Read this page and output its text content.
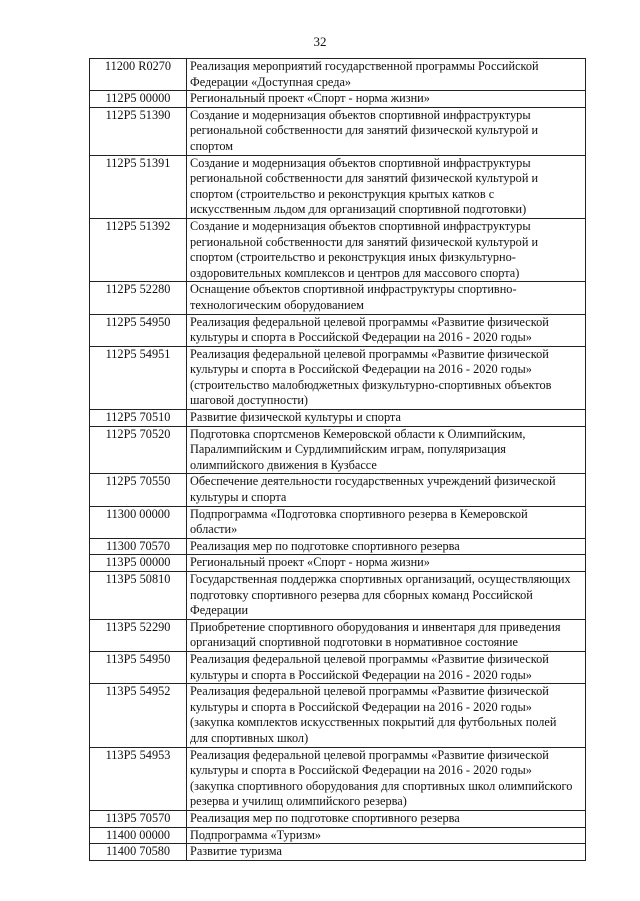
32
11200 R0270	Реализация мероприятий государственной программы Российской
Федерации «Доступная среда»

112P5 00000	Региональный проект «Спорт - норма жизни»

112P5 51390	Создание и модернизация объектов спортивной инфраструктуры
региональной собственности для занятий физической культурой и
спортом

112P5 51391	Создание и модернизация объектов спортивной инфраструктуры
региональной собственности для занятий физической культурой и
спортом (строительство и реконструкция крытых катков с
искусственным льдом для организаций спортивной подготовки)

112P5 51392	Создание и модернизация объектов спортивной инфраструктуры
региональной собственности для занятий физической культурой и
спортом (строительство и реконструкция иных физкультурно-
оздоровительных комплексов и центров для массового спорта)

112P5 52280	Оснащение объектов спортивной инфраструктуры спортивно-
технологическим оборудованием

112P5 54950	Реализация федеральной целевой программы «Развитие физической
культуры и спорта в Российской Федерации на 2016 - 2020 годы»

112P5 54951	Реализация федеральной целевой программы «Развитие физической
культуры и спорта в Российской Федерации на 2016 - 2020 годы»
(строительство малобюджетных физкультурно-спортивных объектов
шаговой доступности)

112P5 70510	Развитие физической культуры и спорта

112P5 70520	Подготовка спортсменов Кемеровской области к Олимпийским,
Паралимпийским и Сурдлимпийским играм, популяризация
олимпийского движения в Кузбассе

112P5 70550	Обеспечение деятельности государственных учреждений физической
культуры и спорта

11300 00000	Подпрограмма «Подготовка спортивного резерва в Кемеровской
области»

11300 70570	Реализация мер по подготовке спортивного резерва

113P5 00000	Региональный проект «Спорт - норма жизни»

113P5 50810	Государственная поддержка спортивных организаций, осуществляющих
подготовку спортивного резерва для сборных команд Российской
Федерации

113P5 52290	Приобретение спортивного оборудования и инвентаря для приведения
организаций спортивной подготовки в нормативное состояние

113P5 54950	Реализация федеральной целевой программы «Развитие физической
культуры и спорта в Российской Федерации на 2016 - 2020 годы»

113P5 54952	Реализация федеральной целевой программы «Развитие физической
культуры и спорта в Российской Федерации на 2016 - 2020 годы»
(закупка комплектов искусственных покрытий для футбольных полей
для спортивных школ)

113P5 54953	Реализация федеральной целевой программы «Развитие физической
культуры и спорта в Российской Федерации на 2016 - 2020 годы»
(закупка спортивного оборудования для спортивных школ олимпийского
резерва и училищ олимпийского резерва)

113P5 70570	Реализация мер по подготовке спортивного резерва

11400 00000	Подпрограмма «Туризм»

11400 70580	Развитие туризма
